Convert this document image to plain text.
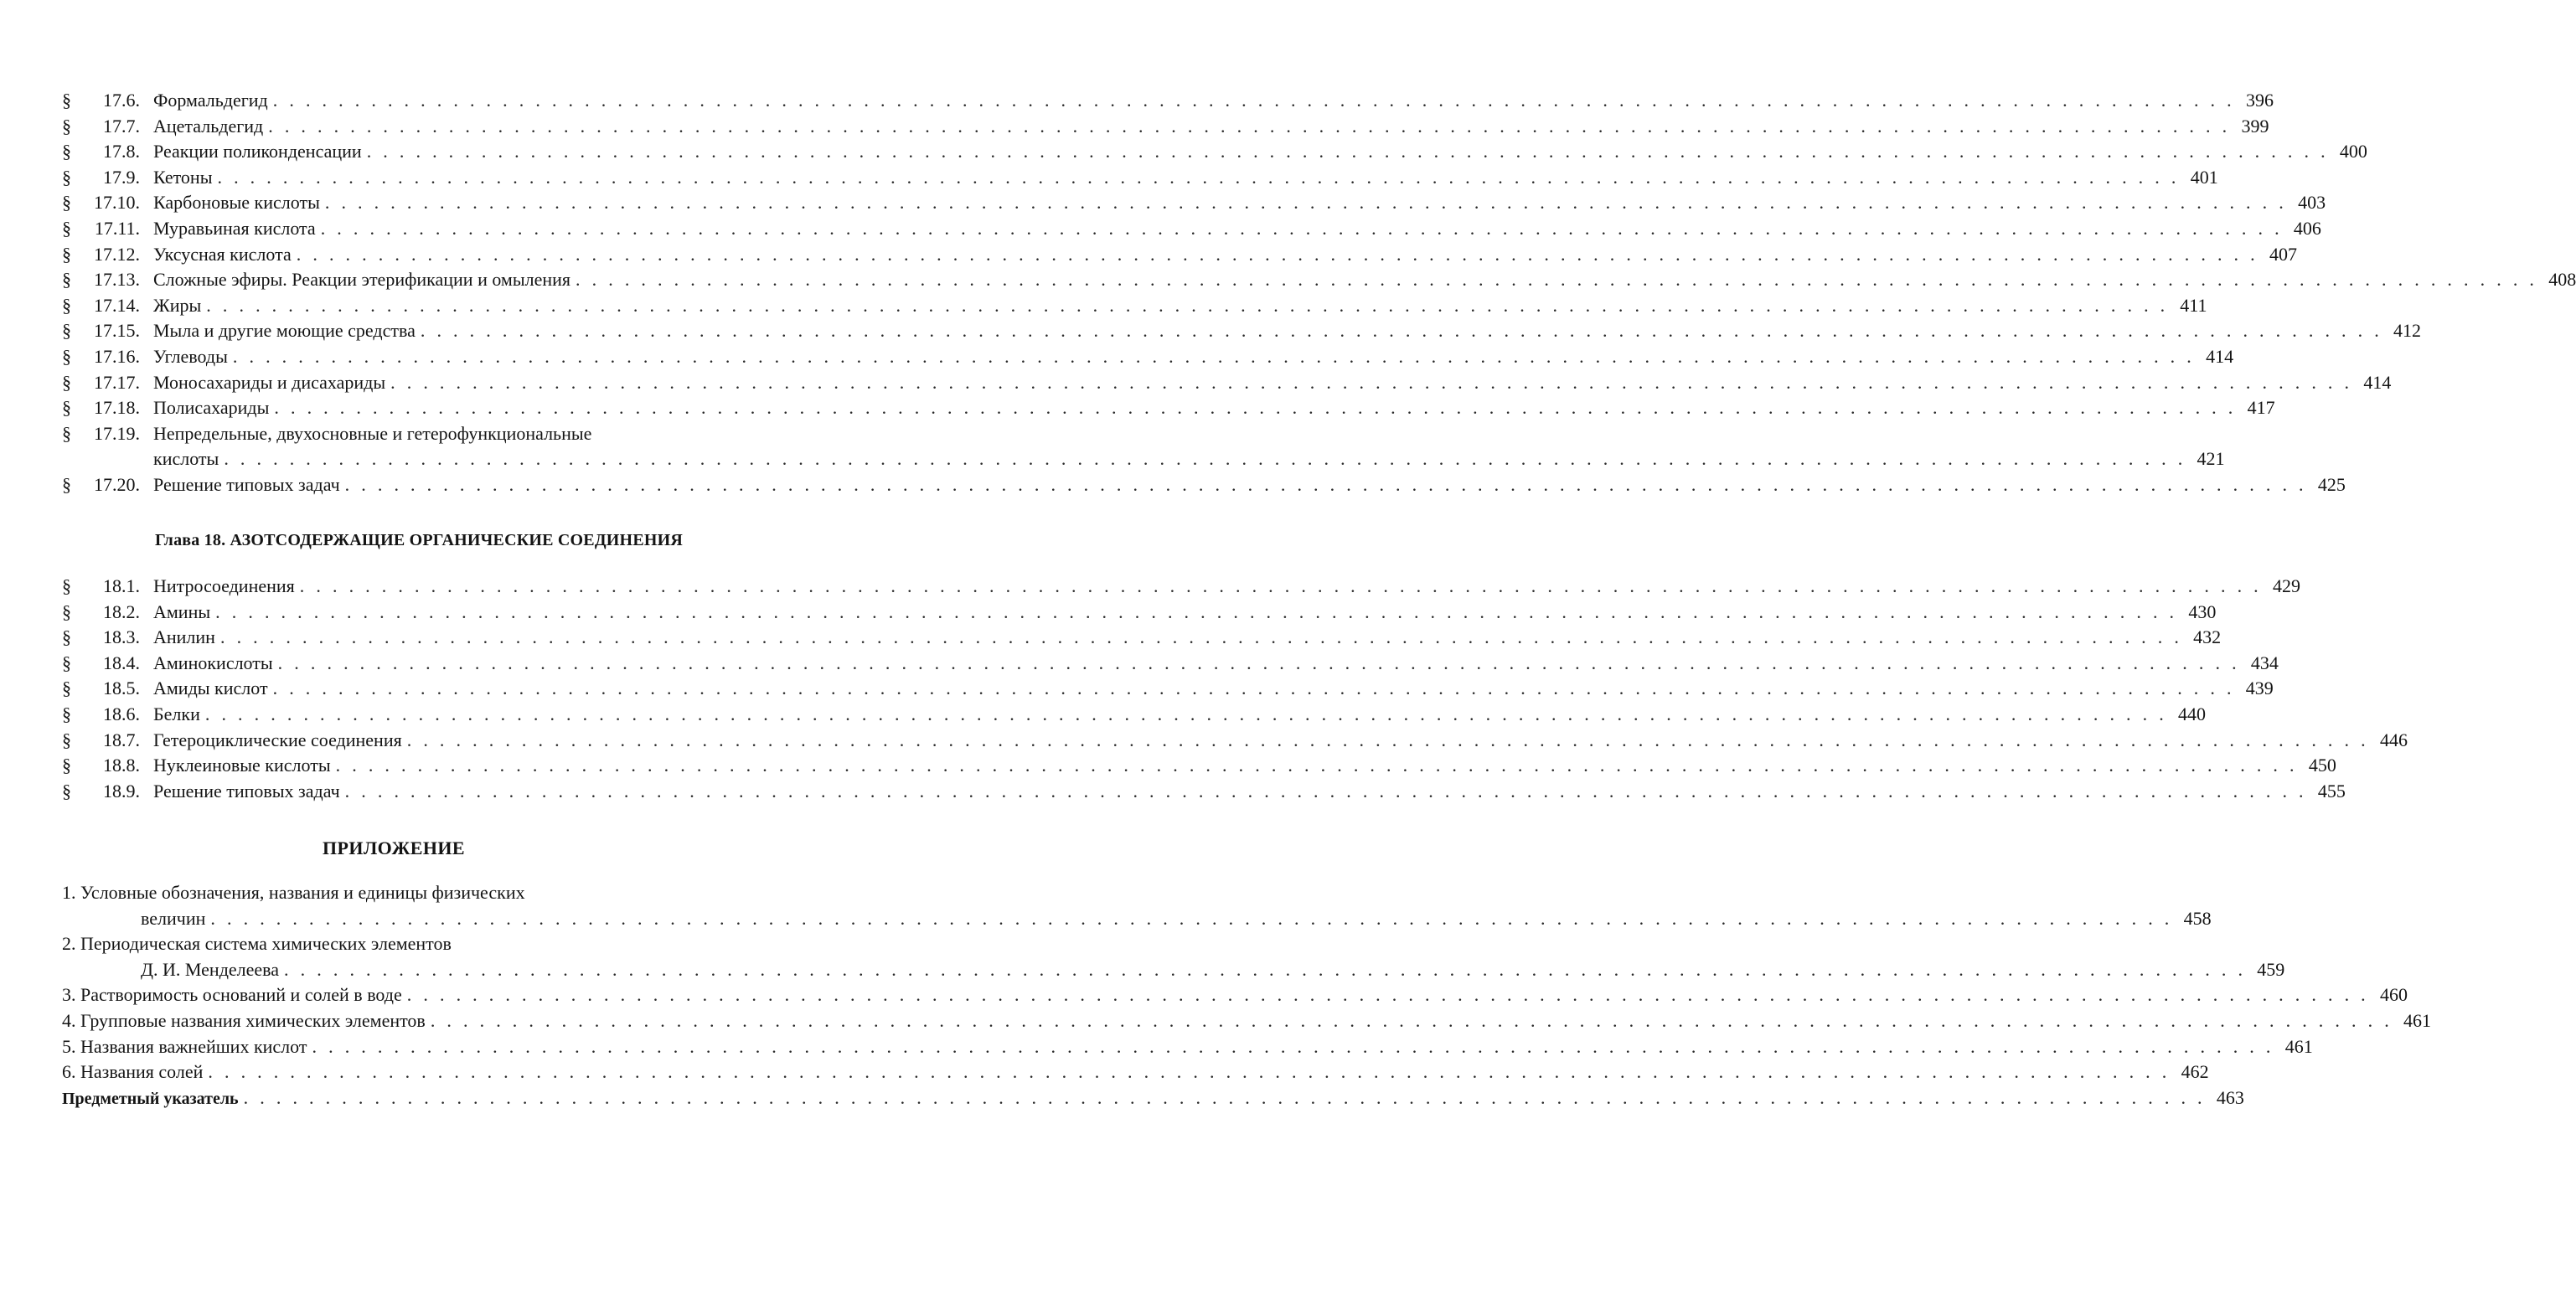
§	17.6. Формальдегид . . . . . . . . . . . . . . . . . . . . . . . . . . . . . . . . . . . . . . . . . . . . . . . . . . . . . . . . . . . . . . . . . . . . . . . . . . . . . . . . . . . . . . . . . . . . . . . . . . . . . . . . . . . . . . . . . . . . . . . . 396
§	17.7. Ацетальдегид . . . . . . . . . . . . . . . . . . . . . . . . . . . . . . . . . . . . . . . . . . . . . . . . . . . . . . . . . . . . . . . . . . . . . . . . . . . . . . . . . . . . . . . . . . . . . . . . . . . . . . . . . . . . . . . . . . . . . . . . 399
§	17.8. Реакции поликонденсации . . . . . . . . . . . . . . . . . . . . . . . . . . . . . . . . . . . . . . . . . . . . . . . . . . . . . . . . . . . . . . . . . . . . . . . . . . . . . . . . . . . . . . . . . . . . . . . . . . . . . . . . . . . . . . . . . . . . . . . . 400
§	17.9. Кетоны . . . . . . . . . . . . . . . . . . . . . . . . . . . . . . . . . . . . . . . . . . . . . . . . . . . . . . . . . . . . . . . . . . . . . . . . . . . . . . . . . . . . . . . . . . . . . . . . . . . . . . . . . . . . . . . . . . . . . . . . 401
§	17.10. Карбоновые кислоты . . . . . . . . . . . . . . . . . . . . . . . . . . . . . . . . . . . . . . . . . . . . . . . . . . . . . . . . . . . . . . . . . . . . . . . . . . . . . . . . . . . . . . . . . . . . . . . . . . . . . . . . . . . . . . . . . . . . . . . . 403
§	17.11. Муравьиная кислота . . . . . . . . . . . . . . . . . . . . . . . . . . . . . . . . . . . . . . . . . . . . . . . . . . . . . . . . . . . . . . . . . . . . . . . . . . . . . . . . . . . . . . . . . . . . . . . . . . . . . . . . . . . . . . . . . . . . . . . . 406
§	17.12. Уксусная кислота . . . . . . . . . . . . . . . . . . . . . . . . . . . . . . . . . . . . . . . . . . . . . . . . . . . . . . . . . . . . . . . . . . . . . . . . . . . . . . . . . . . . . . . . . . . . . . . . . . . . . . . . . . . . . . . . . . . . . . . . 407
§	17.13. Сложные эфиры. Реакции этерификации и омыления . . . . . . . . . . . . . . . . . . . . . . . . . . . . . . . . . . . . . . . . . . . . . . . . . . . . . . . . . . . . . . . . . . . . . . . . . . . . . . . . . . . . . . . . . . . . . . . . . . . . . . . . . . . . . . . . . . . . . . . . 408
§	17.14. Жиры . . . . . . . . . . . . . . . . . . . . . . . . . . . . . . . . . . . . . . . . . . . . . . . . . . . . . . . . . . . . . . . . . . . . . . . . . . . . . . . . . . . . . . . . . . . . . . . . . . . . . . . . . . . . . . . . . . . . . . . . 411
§	17.15. Мыла и другие моющие средства . . . . . . . . . . . . . . . . . . . . . . . . . . . . . . . . . . . . . . . . . . . . . . . . . . . . . . . . . . . . . . . . . . . . . . . . . . . . . . . . . . . . . . . . . . . . . . . . . . . . . . . . . . . . . . . . . . . . . . . . 412
§	17.16. Углеводы . . . . . . . . . . . . . . . . . . . . . . . . . . . . . . . . . . . . . . . . . . . . . . . . . . . . . . . . . . . . . . . . . . . . . . . . . . . . . . . . . . . . . . . . . . . . . . . . . . . . . . . . . . . . . . . . . . . . . . . . 414
§	17.17. Моносахариды и дисахариды . . . . . . . . . . . . . . . . . . . . . . . . . . . . . . . . . . . . . . . . . . . . . . . . . . . . . . . . . . . . . . . . . . . . . . . . . . . . . . . . . . . . . . . . . . . . . . . . . . . . . . . . . . . . . . . . . . . . . . . . 414
§	17.18. Полисахариды . . . . . . . . . . . . . . . . . . . . . . . . . . . . . . . . . . . . . . . . . . . . . . . . . . . . . . . . . . . . . . . . . . . . . . . . . . . . . . . . . . . . . . . . . . . . . . . . . . . . . . . . . . . . . . . . . . . . . . . . 417
§	17.19. Непредельные, двухосновные и гетерофункциональные
кислоты . . . . . . . . . . . . . . . . . . . . . . . . . . . . . . . . . . . . . . . . . . . . . . . . . . . . . . . . . . . . . . . . . . . . . . . . . . . . . . . . . . . . . . . . . . . . . . . . . . . . . . . . . . . . . . . . . . . . . . . . 421
§	17.20. Решение типовых задач . . . . . . . . . . . . . . . . . . . . . . . . . . . . . . . . . . . . . . . . . . . . . . . . . . . . . . . . . . . . . . . . . . . . . . . . . . . . . . . . . . . . . . . . . . . . . . . . . . . . . . . . . . . . . . . . . . . . . . . . 425
Глава 18. АЗОТСОДЕРЖАЩИЕ ОРГАНИЧЕСКИЕ СОЕДИНЕНИЯ
§	18.1. Нитросоединения . . . . . . . . . . . . . . . . . . . . . . . . . . . . . . . . . . . . . . . . . . . . . . . . . . . . . . . . . . . . . . . . . . . . . . . . . . . . . . . . . . . . . . . . . . . . . . . . . . . . . . . . . . . . . . . . . . . . . . . . 429
§	18.2. Амины . . . . . . . . . . . . . . . . . . . . . . . . . . . . . . . . . . . . . . . . . . . . . . . . . . . . . . . . . . . . . . . . . . . . . . . . . . . . . . . . . . . . . . . . . . . . . . . . . . . . . . . . . . . . . . . . . . . . . . . . 430
§	18.3. Анилин . . . . . . . . . . . . . . . . . . . . . . . . . . . . . . . . . . . . . . . . . . . . . . . . . . . . . . . . . . . . . . . . . . . . . . . . . . . . . . . . . . . . . . . . . . . . . . . . . . . . . . . . . . . . . . . . . . . . . . . . 432
§	18.4. Аминокислоты . . . . . . . . . . . . . . . . . . . . . . . . . . . . . . . . . . . . . . . . . . . . . . . . . . . . . . . . . . . . . . . . . . . . . . . . . . . . . . . . . . . . . . . . . . . . . . . . . . . . . . . . . . . . . . . . . . . . . . . . 434
§	18.5. Амиды кислот . . . . . . . . . . . . . . . . . . . . . . . . . . . . . . . . . . . . . . . . . . . . . . . . . . . . . . . . . . . . . . . . . . . . . . . . . . . . . . . . . . . . . . . . . . . . . . . . . . . . . . . . . . . . . . . . . . . . . . . . 439
§	18.6. Белки . . . . . . . . . . . . . . . . . . . . . . . . . . . . . . . . . . . . . . . . . . . . . . . . . . . . . . . . . . . . . . . . . . . . . . . . . . . . . . . . . . . . . . . . . . . . . . . . . . . . . . . . . . . . . . . . . . . . . . . . 440
§	18.7. Гетероциклические соединения . . . . . . . . . . . . . . . . . . . . . . . . . . . . . . . . . . . . . . . . . . . . . . . . . . . . . . . . . . . . . . . . . . . . . . . . . . . . . . . . . . . . . . . . . . . . . . . . . . . . . . . . . . . . . . . . . . . . . . . . 446
§	18.8. Нуклеиновые кислоты . . . . . . . . . . . . . . . . . . . . . . . . . . . . . . . . . . . . . . . . . . . . . . . . . . . . . . . . . . . . . . . . . . . . . . . . . . . . . . . . . . . . . . . . . . . . . . . . . . . . . . . . . . . . . . . . . . . . . . . . 450
§	18.9. Решение типовых задач . . . . . . . . . . . . . . . . . . . . . . . . . . . . . . . . . . . . . . . . . . . . . . . . . . . . . . . . . . . . . . . . . . . . . . . . . . . . . . . . . . . . . . . . . . . . . . . . . . . . . . . . . . . . . . . . . . . . . . . . 455
ПРИЛОЖЕНИЕ
1. Условные обозначения, названия и единицы физических
величин . . . . . . . . . . . . . . . . . . . . . . . . . . . . . . . . . . . . . . . . . . . . . . . . . . . . . . . . . . . . . . . . . . . . . . . . . . . . . . . . . . . . . . . . . . . . . . . . . . . . . . . . . . . . . . . . . . . . . . . . 458
2. Периодическая система химических элементов
Д. И. Менделеева . . . . . . . . . . . . . . . . . . . . . . . . . . . . . . . . . . . . . . . . . . . . . . . . . . . . . . . . . . . . . . . . . . . . . . . . . . . . . . . . . . . . . . . . . . . . . . . . . . . . . . . . . . . . . . . . . . . . . . . . 459
3. Растворимость оснований и солей в воде . . . . . . . . . . . . . . . . . . . . . . . . . . . . . . . . . . . . . . . . . . . . . . . . . . . . . . . . . . . . . . . . . . . . . . . . . . . . . . . . . . . . . . . . . . . . . . . . . . . . . . . . . . . . . . . . . . . . . . . . 460
4. Групповые названия химических элементов . . . . . . . . . . . . . . . . . . . . . . . . . . . . . . . . . . . . . . . . . . . . . . . . . . . . . . . . . . . . . . . . . . . . . . . . . . . . . . . . . . . . . . . . . . . . . . . . . . . . . . . . . . . . . . . . . . . . . . . . 461
5. Названия важнейших кислот . . . . . . . . . . . . . . . . . . . . . . . . . . . . . . . . . . . . . . . . . . . . . . . . . . . . . . . . . . . . . . . . . . . . . . . . . . . . . . . . . . . . . . . . . . . . . . . . . . . . . . . . . . . . . . . . . . . . . . . . 461
6. Названия солей . . . . . . . . . . . . . . . . . . . . . . . . . . . . . . . . . . . . . . . . . . . . . . . . . . . . . . . . . . . . . . . . . . . . . . . . . . . . . . . . . . . . . . . . . . . . . . . . . . . . . . . . . . . . . . . . . . . . . . . . 462
Предметный указатель . . . . . . . . . . . . . . . . . . . . . . . . . . . . . . . . . . . . . . . . . . . . . . . . . . . . . . . . . . . . . . . . . . . . . . . . . . . . . . . . . . . . . . . . . . . . . . . . . . . . . . . . . . . . . . . . . . . . . . . . 463
